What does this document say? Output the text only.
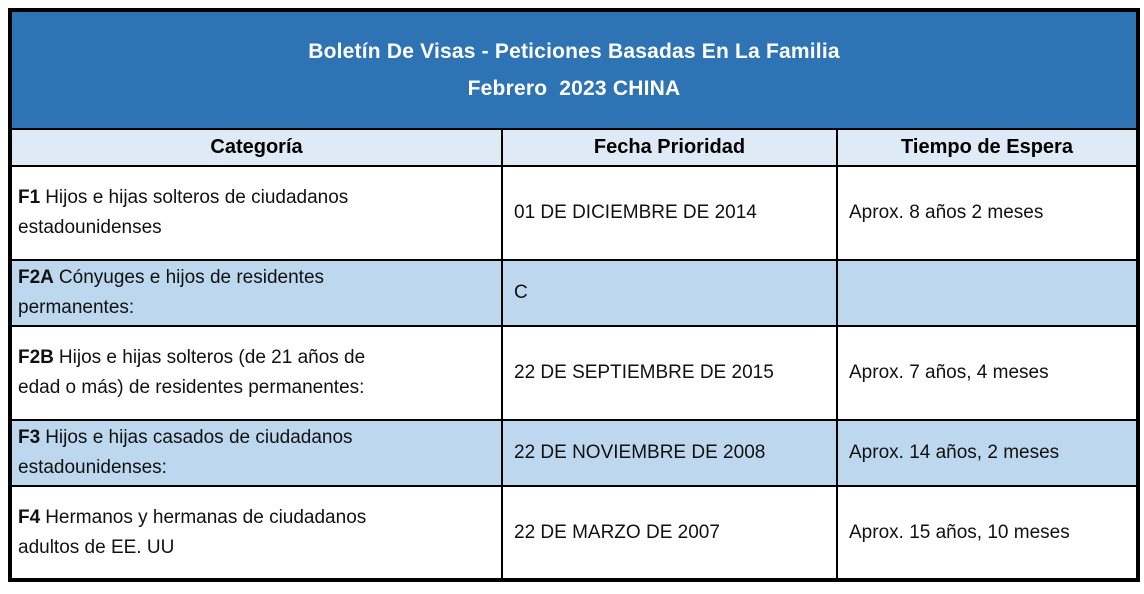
Boletín De Visas - Peticiones Basadas En La Familia
Febrero  2023 CHINA		

Categoría	Fecha Prioridad	Tiempo de Espera

F1 Hijos e hijas solteros de ciudadanos
estadounidenses	01 DE DICIEMBRE DE 2014	Aprox. 8 años 2 meses

F2A Cónyuges e hijos de residentes
permanentes:	C	

F2B Hijos e hijas solteros (de 21 años de
edad o más) de residentes permanentes:	22 DE SEPTIEMBRE DE 2015	Aprox. 7 años, 4 meses

F3 Hijos e hijas casados de ciudadanos
estadounidenses:	22 DE NOVIEMBRE DE 2008	Aprox. 14 años, 2 meses

F4 Hermanos y hermanas de ciudadanos
adultos de EE. UU	22 DE MARZO DE 2007	Aprox. 15 años, 10 meses
